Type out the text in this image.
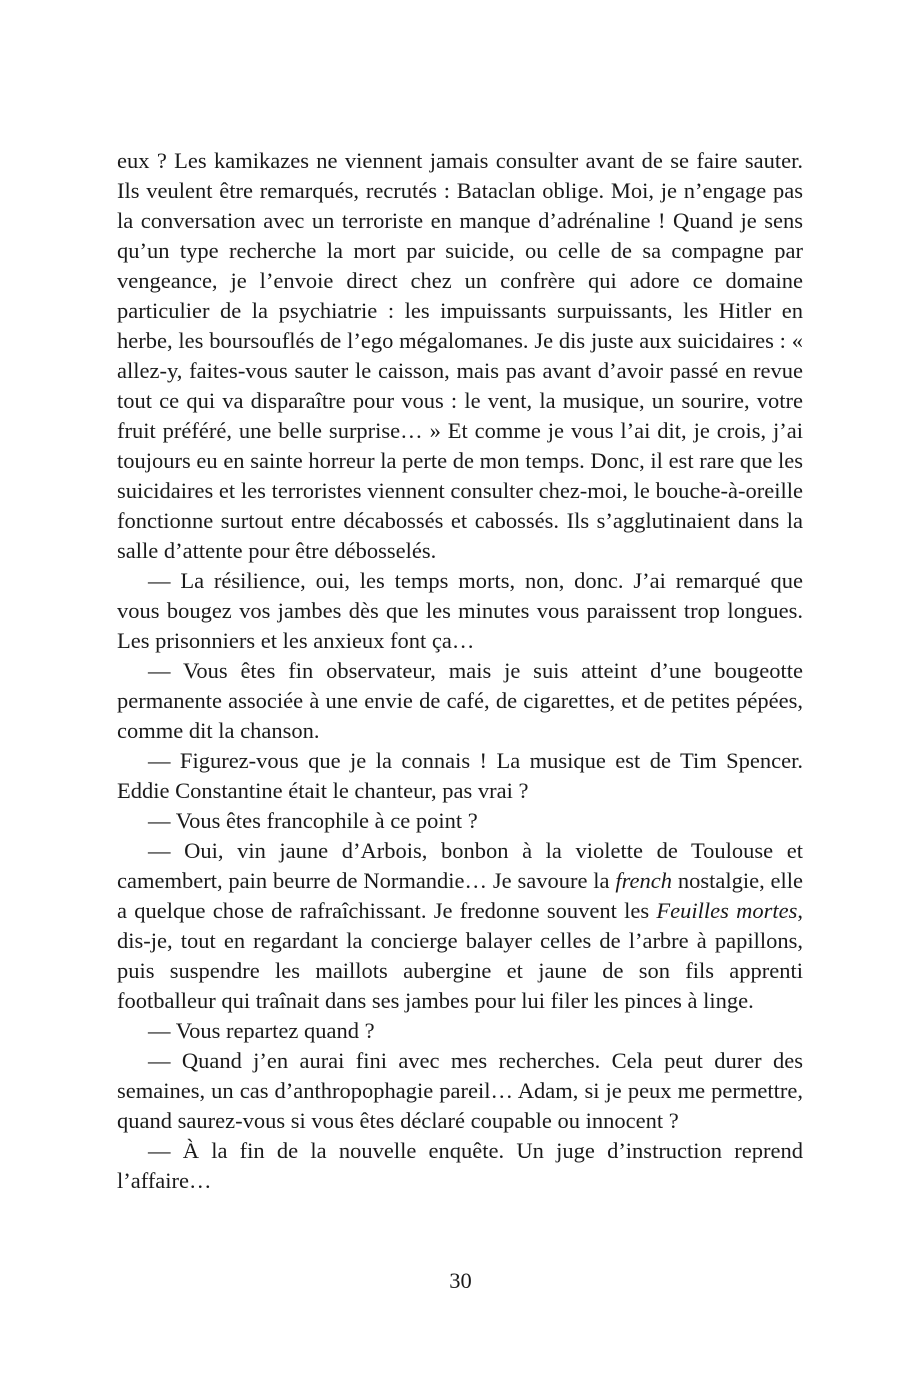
eux ? Les kamikazes ne viennent jamais consulter avant de se faire sauter. Ils veulent être remarqués, recrutés : Bataclan oblige. Moi, je n’engage pas la conversation avec un terroriste en manque d’adrénaline ! Quand je sens qu’un type recherche la mort par suicide, ou celle de sa compagne par vengeance, je l’envoie direct chez un confrère qui adore ce domaine particulier de la psychiatrie : les impuissants surpuissants, les Hitler en herbe, les boursouflés de l’ego mégalomanes. Je dis juste aux suicidaires : « allez-y, faites-vous sauter le caisson, mais pas avant d’avoir passé en revue tout ce qui va disparaître pour vous : le vent, la musique, un sourire, votre fruit préféré, une belle surprise… » Et comme je vous l’ai dit, je crois, j’ai toujours eu en sainte horreur la perte de mon temps. Donc, il est rare que les suicidaires et les terroristes viennent consulter chez-moi, le bouche-à-oreille fonctionne surtout entre décabossés et cabossés. Ils s’agglutinaient dans la salle d’attente pour être débosselés.

— La résilience, oui, les temps morts, non, donc. J’ai remarqué que vous bougez vos jambes dès que les minutes vous paraissent trop longues. Les prisonniers et les anxieux font ça…

— Vous êtes fin observateur, mais je suis atteint d’une bougeotte permanente associée à une envie de café, de cigarettes, et de petites pépées, comme dit la chanson.

— Figurez-vous que je la connais ! La musique est de Tim Spencer. Eddie Constantine était le chanteur, pas vrai ?

— Vous êtes francophile à ce point ?

— Oui, vin jaune d’Arbois, bonbon à la violette de Toulouse et camembert, pain beurre de Normandie… Je savoure la french nostalgie, elle a quelque chose de rafraîchissant. Je fredonne souvent les Feuilles mortes, dis-je, tout en regardant la concierge balayer celles de l’arbre à papillons, puis suspendre les maillots aubergine et jaune de son fils apprenti footballeur qui traînait dans ses jambes pour lui filer les pinces à linge.

— Vous repartez quand ?

— Quand j’en aurai fini avec mes recherches. Cela peut durer des semaines, un cas d’anthropophagie pareil… Adam, si je peux me permettre, quand saurez-vous si vous êtes déclaré coupable ou innocent ?

— À la fin de la nouvelle enquête. Un juge d’instruction reprend l’affaire…

30
